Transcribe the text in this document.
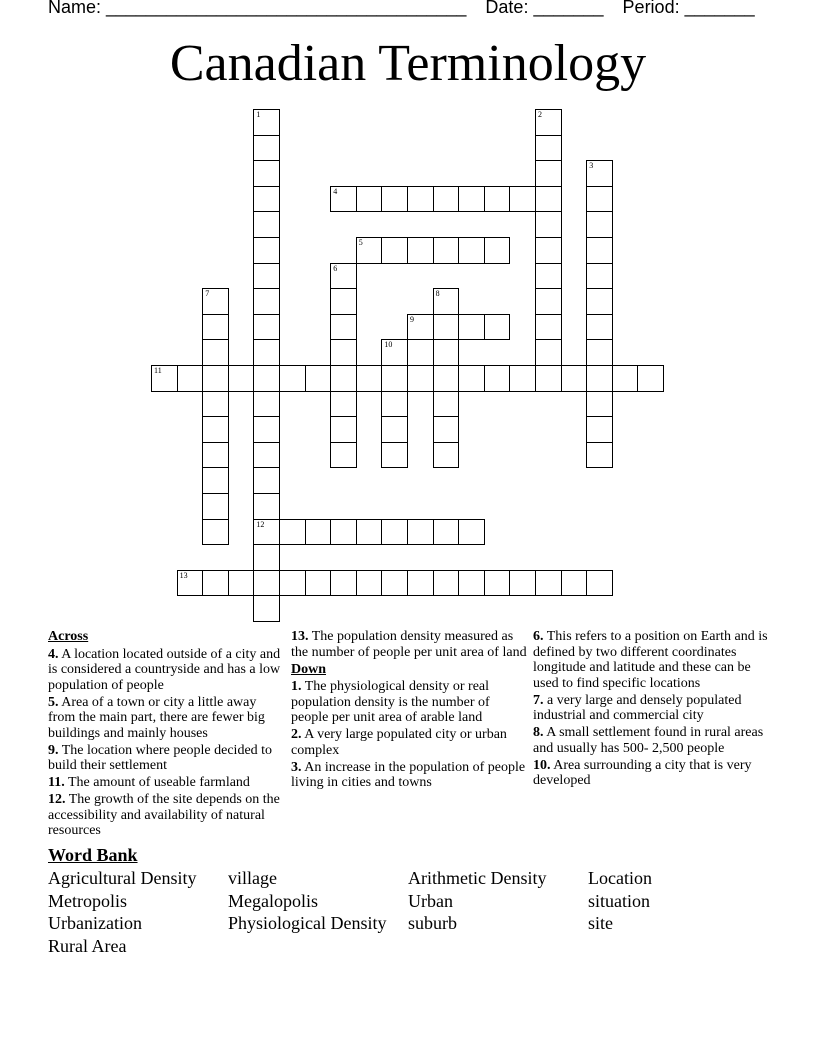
Name: ____________________________________ Date: _______ Period: _______
Canadian Terminology
1
12
2
3
4
5
6
7	8
9
10
11
13

Across

4. A location located outside of a city and is considered a countryside and has a low population of people

5. Area of a town or city a little away from the main part, there are fewer big buildings and mainly houses

9. The location where people decided to build their settlement

11. The amount of useable farmland

12. The growth of the site depends on the accessibility and availability of natural resources

13. The population density measured as the number of people per unit area of land

Down

1. The physiological density or real population density is the number of people per unit area of arable land

2. A very large populated city or urban complex

3. An increase in the population of people living in cities and towns

6. This refers to a position on Earth and is defined by two different coordinates longitude and latitude and these can be used to find specific locations

7. a very large and densely populated industrial and commercial city

8. A small settlement found in rural areas and usually has 500- 2,500 people

10. Area surrounding a city that is very developed

Word Bank
Agricultural Density	village	Arithmetic Density	Location
Metropolis	Megalopolis	Urban	situation
Urbanization	Physiological Density	suburb	site
Rural Area
